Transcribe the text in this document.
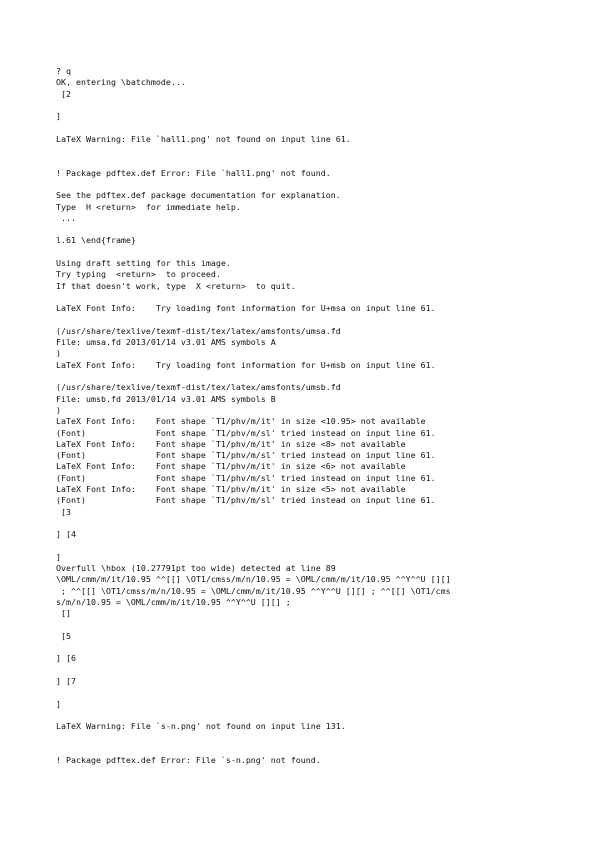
? q
OK, entering \batchmode...
[2
]
LaTeX Warning: File `hall1.png' not found on input line 61.
! Package pdftex.def Error: File `hall1.png' not found.
See the pdftex.def package documentation for explanation.
Type  H <return>  for immediate help.
...
l.61 \end{frame}
Using draft setting for this image.
Try typing  <return>  to proceed.
If that doesn't work, type  X <return>  to quit.
LaTeX Font Info:    Try loading font information for U+msa on input line 61.
(/usr/share/texlive/texmf-dist/tex/latex/amsfonts/umsa.fd
File: umsa.fd 2013/01/14 v3.01 AMS symbols A
)
LaTeX Font Info:    Try loading font information for U+msb on input line 61.
(/usr/share/texlive/texmf-dist/tex/latex/amsfonts/umsb.fd
File: umsb.fd 2013/01/14 v3.01 AMS symbols B
)
LaTeX Font Info:    Font shape `T1/phv/m/it' in size <10.95> not available
(Font)              Font shape `T1/phv/m/sl' tried instead on input line 61.
LaTeX Font Info:    Font shape `T1/phv/m/it' in size <8> not available
(Font)              Font shape `T1/phv/m/sl' tried instead on input line 61.
LaTeX Font Info:    Font shape `T1/phv/m/it' in size <6> not available
(Font)              Font shape `T1/phv/m/sl' tried instead on input line 61.
LaTeX Font Info:    Font shape `T1/phv/m/it' in size <5> not available
(Font)              Font shape `T1/phv/m/sl' tried instead on input line 61.
[3
] [4
]
Overfull \hbox (10.27791pt too wide) detected at line 89
\OML/cmm/m/it/10.95 ^^[[] \OT1/cmss/m/n/10.95 = \OML/cmm/m/it/10.95 ^^Y^^U [][]
; ^^[[] \OT1/cmss/m/n/10.95 = \OML/cmm/m/it/10.95 ^^Y^^U [][] ; ^^[[] \OT1/cms
s/m/n/10.95 = \OML/cmm/m/it/10.95 ^^Y^^U [][] ;
[]
[5
] [6
] [7
]
LaTeX Warning: File `s-n.png' not found on input line 131.
! Package pdftex.def Error: File `s-n.png' not found.
